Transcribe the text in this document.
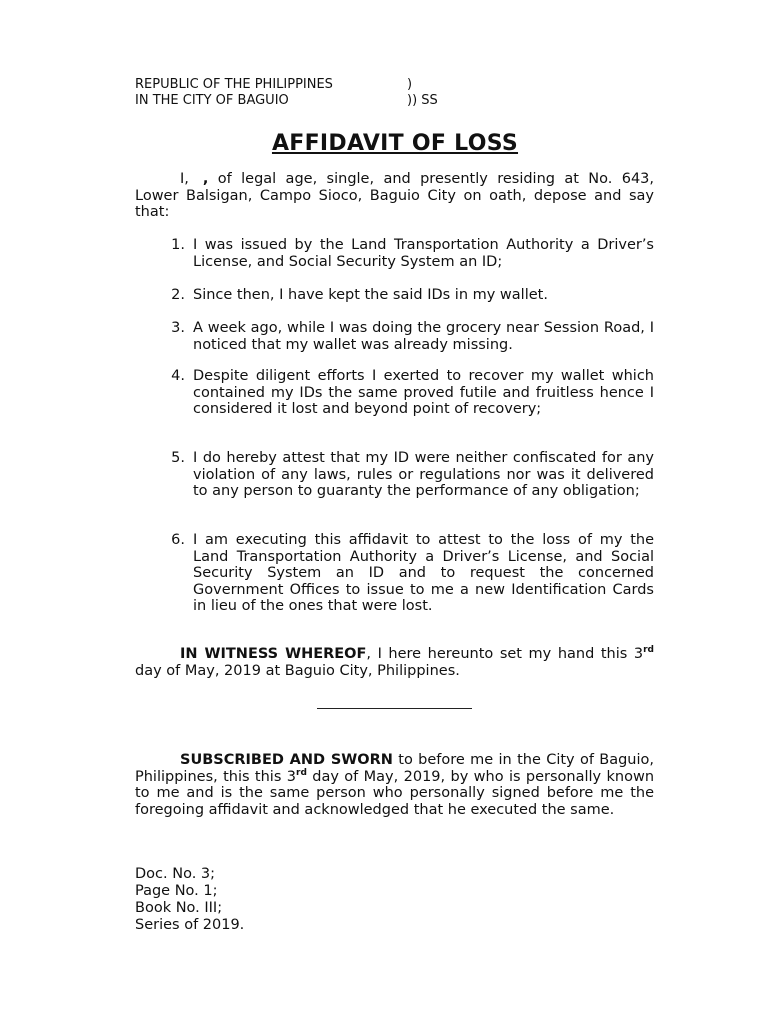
REPUBLIC OF THE PHILIPPINES	)
IN THE CITY OF BAGUIO	)) SS
AFFIDAVIT OF LOSS
I, , of legal age, single, and presently residing at No. 643, Lower Balsigan, Campo Sioco, Baguio City on oath, depose and say that:
1. I was issued by the Land Transportation Authority a Driver’s License, and Social Security System an ID;
2. Since then, I have kept the said IDs in my wallet.
3. A week ago, while I was doing the grocery near Session Road, I noticed that my wallet was already missing.
4. Despite diligent efforts I exerted to recover my wallet which contained my IDs the same proved futile and fruitless hence I considered it lost and beyond point of recovery;
5. I do hereby attest that my ID were neither confiscated for any violation of any laws, rules or regulations nor was it delivered to any person to guaranty the performance of any obligation;
6. I am executing this affidavit to attest to the loss of my the Land Transportation Authority a Driver’s License, and Social Security System an ID and to request the concerned Government Offices to issue to me a new Identification Cards in lieu of the ones that were lost.
IN WITNESS WHEREOF, I here hereunto set my hand this 3rd day of May, 2019 at Baguio City, Philippines.
SUBSCRIBED AND SWORN to before me in the City of Baguio, Philippines, this this 3rd day of May, 2019, by who is personally known to me and is the same person who personally signed before me the foregoing affidavit and acknowledged that he executed the same.
Doc. No. 3;
Page No. 1;
Book No. III;
Series of 2019.
